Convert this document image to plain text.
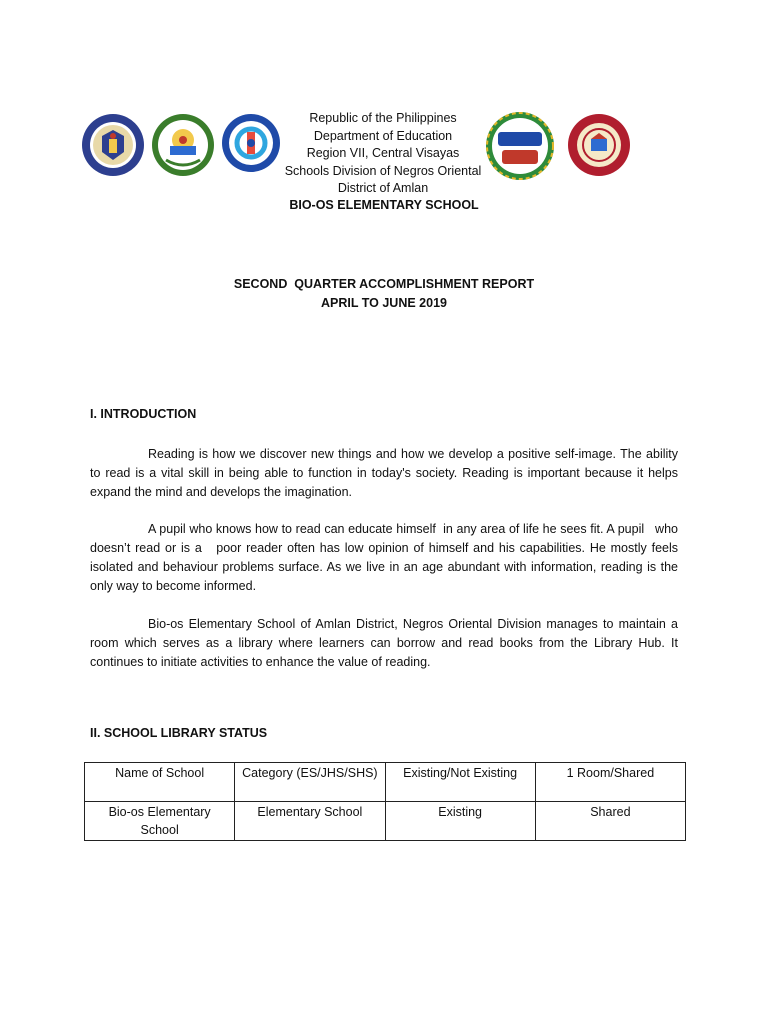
Republic of the Philippines
Department of Education
Region VII, Central Visayas
Schools Division of Negros Oriental
District of Amlan
BIO-OS ELEMENTARY SCHOOL
SECOND  QUARTER ACCOMPLISHMENT REPORT
APRIL TO JUNE 2019
I. INTRODUCTION

Reading is how we discover new things and how we develop a positive self-image. The ability to read is a vital skill in being able to function in today's society. Reading is important because it helps   expand the mind and develops the imagination.

A pupil who knows how to read can educate himself  in any area of life he sees fit. A pupil   who doesn’t read or is a   poor reader often has low opinion of himself and his capabilities. He mostly feels  isolated and behaviour problems surface. As we live in an age abundant with information, reading is the only way to become informed.

Bio-os Elementary School of Amlan District, Negros Oriental Division manages to maintain a room which serves as a library where learners can borrow and read books from the Library Hub. It continues to initiate activities to enhance the value of reading.

II. SCHOOL LIBRARY STATUS
Name of School	Category (ES/JHS/SHS)	Existing/Not Existing	1 Room/Shared
Bio-os Elementary School	Elementary School	Existing	Shared
